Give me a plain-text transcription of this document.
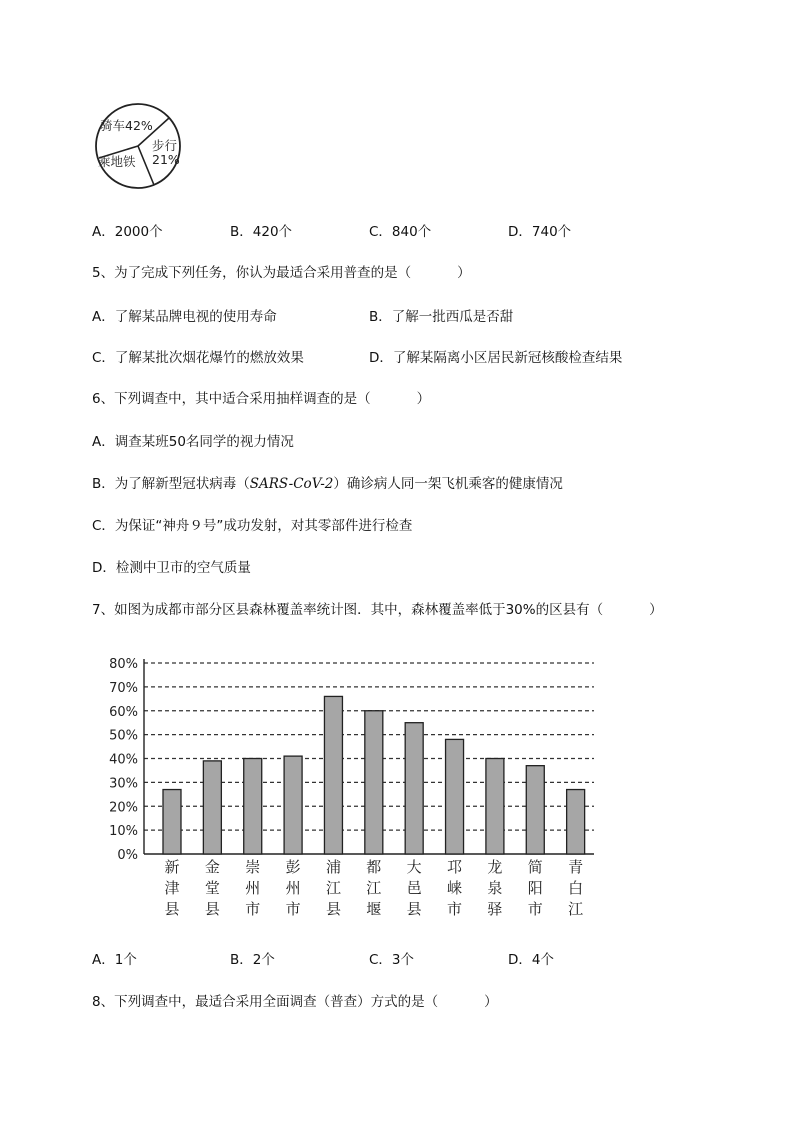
骑车42%
步行
21%
乘地铁
A．2000个	B．420个	C．840个	D．740个
5、为了完成下列任务，你认为最适合采用普查的是（	）
A．了解某品牌电视的使用寿命	B．了解一批西瓜是否甜
C．了解某批次烟花爆竹的燃放效果	D．了解某隔离小区居民新冠核酸检查结果
6、下列调查中，其中适合采用抽样调查的是（	）
A．调查某班50名同学的视力情况
B．为了解新型冠状病毒（SARS-CoV-2）确诊病人同一架飞机乘客的健康情况
C．为保证“神舟９号”成功发射，对其零部件进行检查
D．检测中卫市的空气质量
7、如图为成都市部分区县森林覆盖率统计图．其中，森林覆盖率低于30%的区县有（	）
0%
10%
20%
30%
40%
50%
60%
70%
80%
新津县
金堂县
崇州市
彭州市
浦江县
都江堰
大邑县
邛崃市
龙泉驿
简阳市
青白江
A．1个	B．2个	C．3个	D．4个
8、下列调查中，最适合采用全面调查（普查）方式的是（	）
